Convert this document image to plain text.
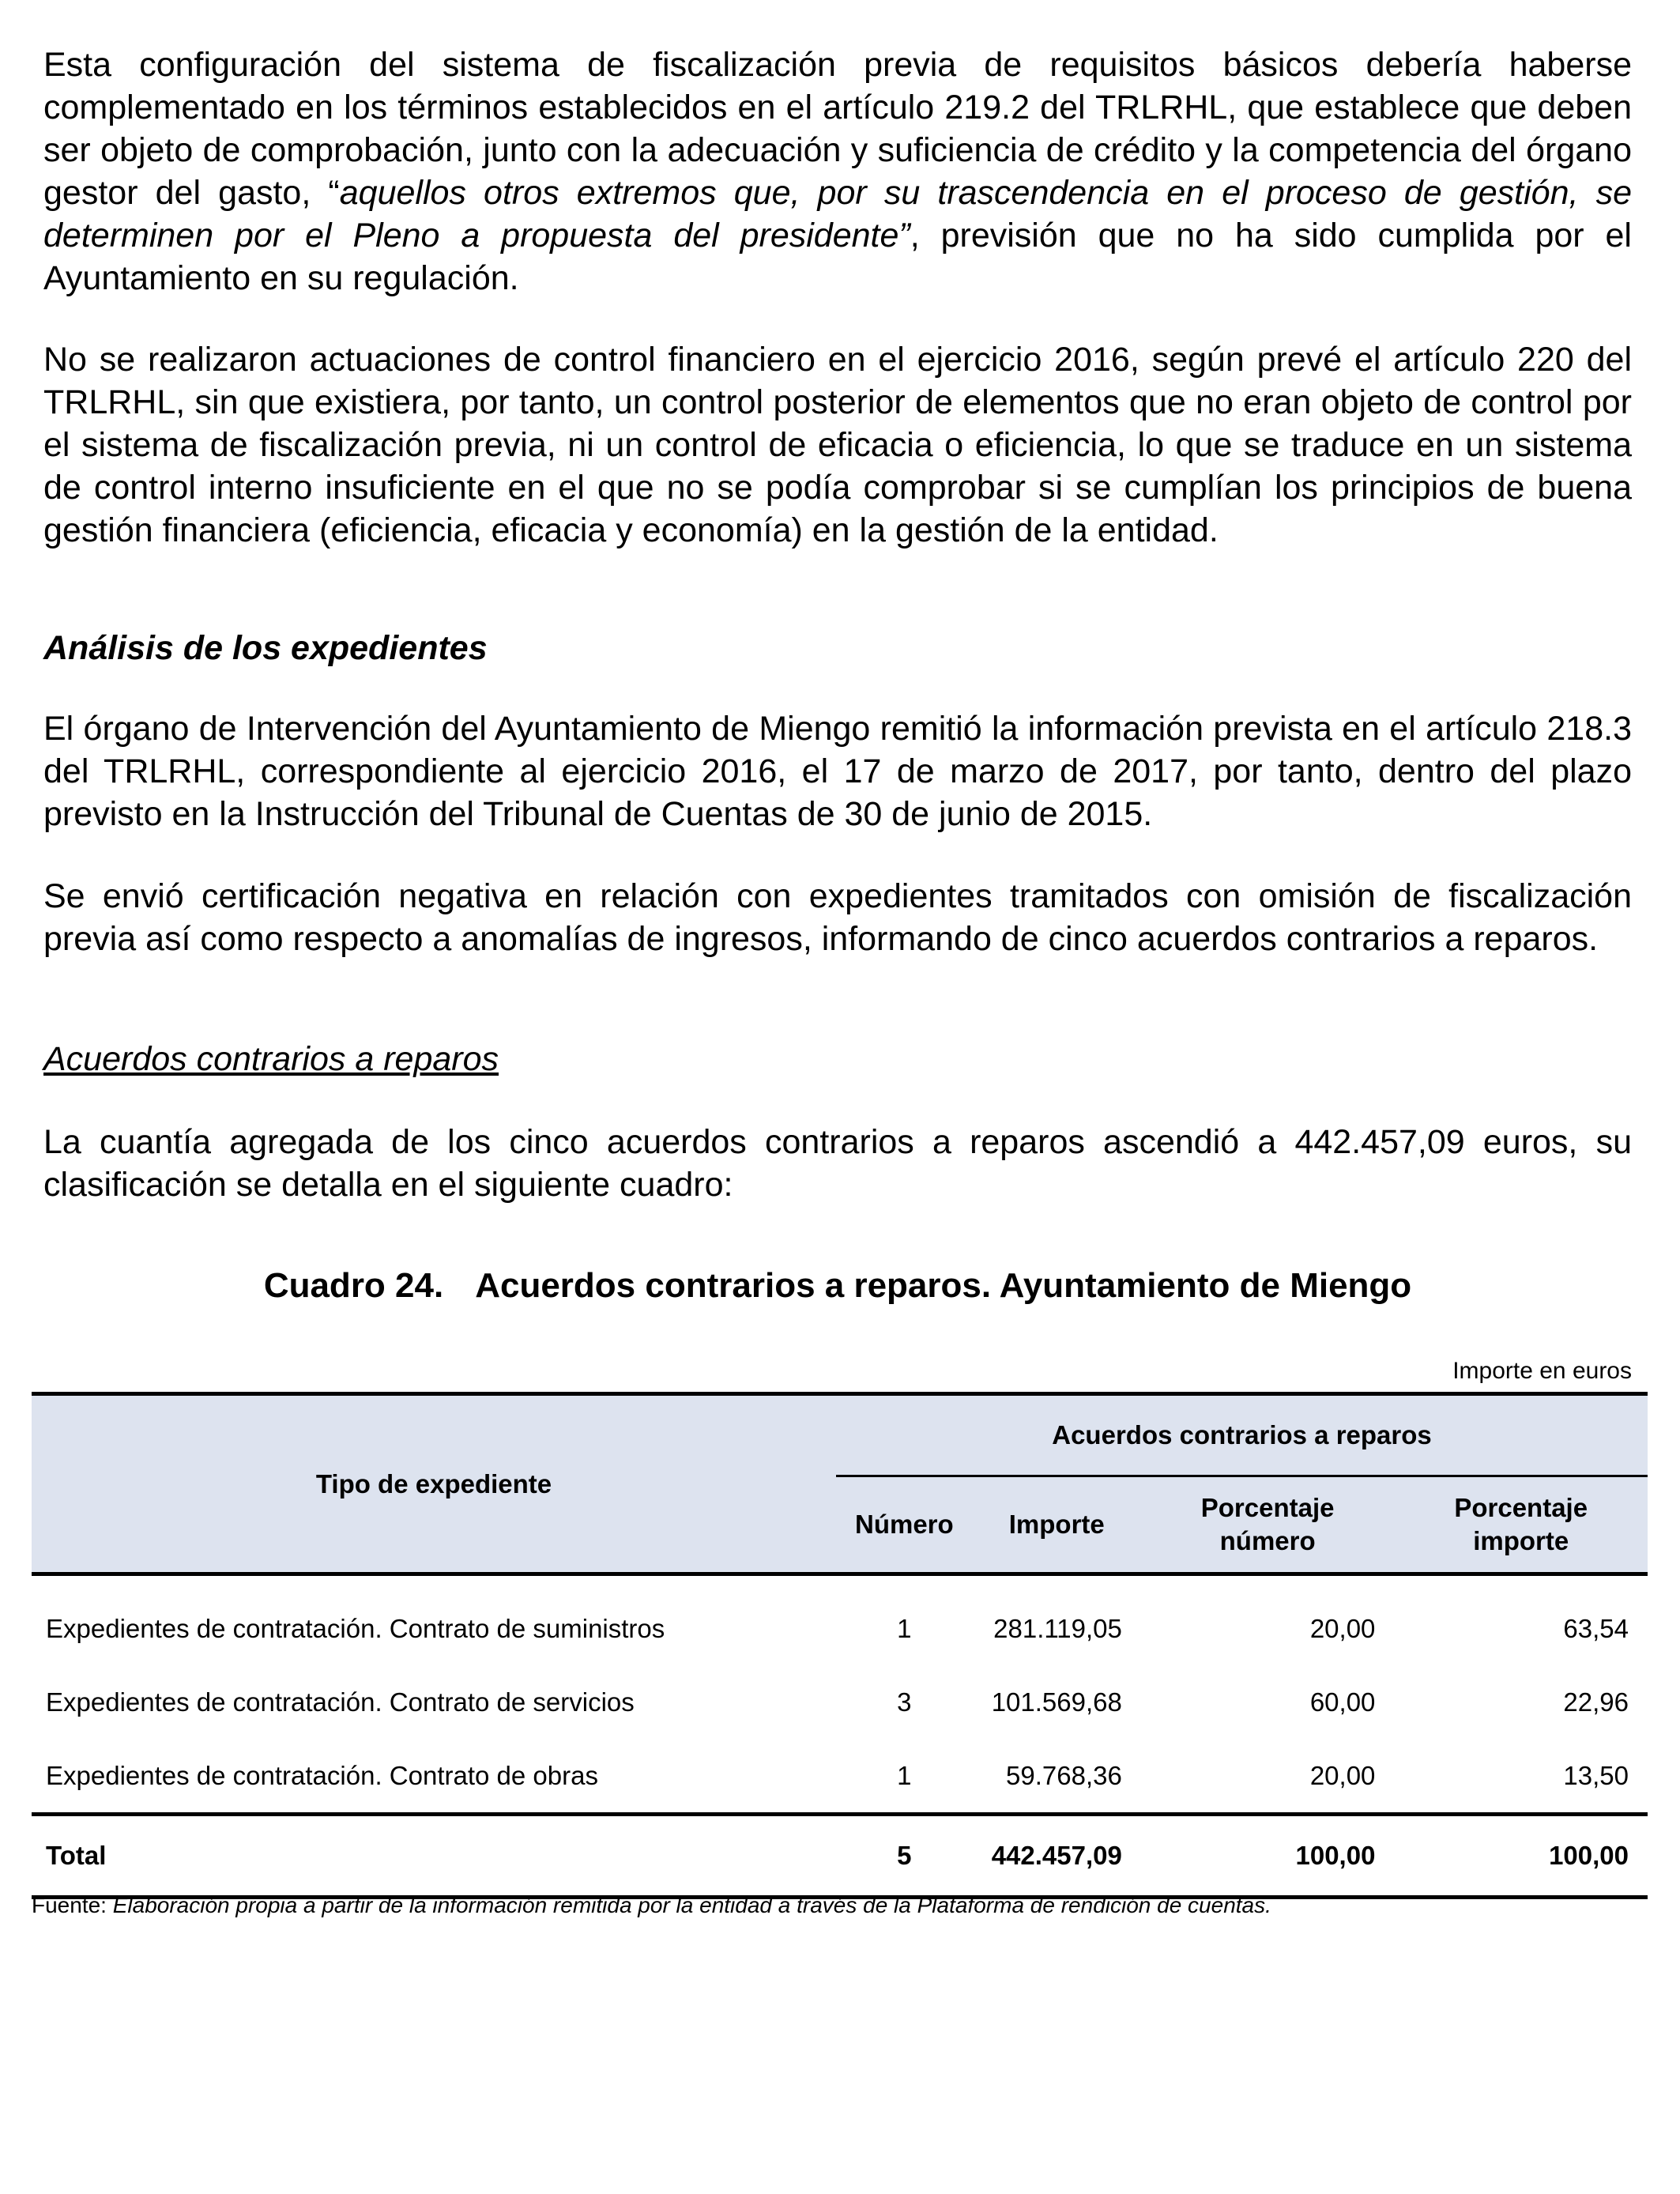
Esta configuración del sistema de fiscalización previa de requisitos básicos debería haberse complementado en los términos establecidos en el artículo 219.2 del TRLRHL, que establece que deben ser objeto de comprobación, junto con la adecuación y suficiencia de crédito y la competencia del órgano gestor del gasto, “aquellos otros extremos que, por su trascendencia en el proceso de gestión, se determinen por el Pleno a propuesta del presidente”, previsión que no ha sido cumplida por el Ayuntamiento en su regulación.

No se realizaron actuaciones de control financiero en el ejercicio 2016, según prevé el artículo 220 del TRLRHL, sin que existiera, por tanto, un control posterior de elementos que no eran objeto de control por el sistema de fiscalización previa, ni un control de eficacia o eficiencia, lo que se traduce en un sistema de control interno insuficiente en el que no se podía comprobar si se cumplían los principios de buena gestión financiera (eficiencia, eficacia y economía) en la gestión de la entidad.

Análisis de los expedientes

El órgano de Intervención del Ayuntamiento de Miengo remitió la información prevista en el artículo 218.3 del TRLRHL, correspondiente al ejercicio 2016, el 17 de marzo de 2017, por tanto, dentro del plazo previsto en la Instrucción del Tribunal de Cuentas de 30 de junio de 2015.

Se envió certificación negativa en relación con expedientes tramitados con omisión de fiscalización previa así como respecto a anomalías de ingresos, informando de cinco acuerdos contrarios a reparos.

Acuerdos contrarios a reparos

La cuantía agregada de los cinco acuerdos contrarios a reparos ascendió a 442.457,09 euros, su clasificación se detalla en el siguiente cuadro:

Cuadro 24. Acuerdos contrarios a reparos. Ayuntamiento de Miengo

Importe en euros
Tipo de expediente	Acuerdos contrarios a reparos			
	Número	Importe	Porcentaje número	Porcentaje importe
Expedientes de contratación. Contrato de suministros	1	281.119,05	20,00	63,54
Expedientes de contratación. Contrato de servicios	3	101.569,68	60,00	22,96
Expedientes de contratación. Contrato de obras	1	59.768,36	20,00	13,50
Total	5	442.457,09	100,00	100,00

Fuente: Elaboración propia a partir de la información remitida por la entidad a través de la Plataforma de rendición de cuentas.
